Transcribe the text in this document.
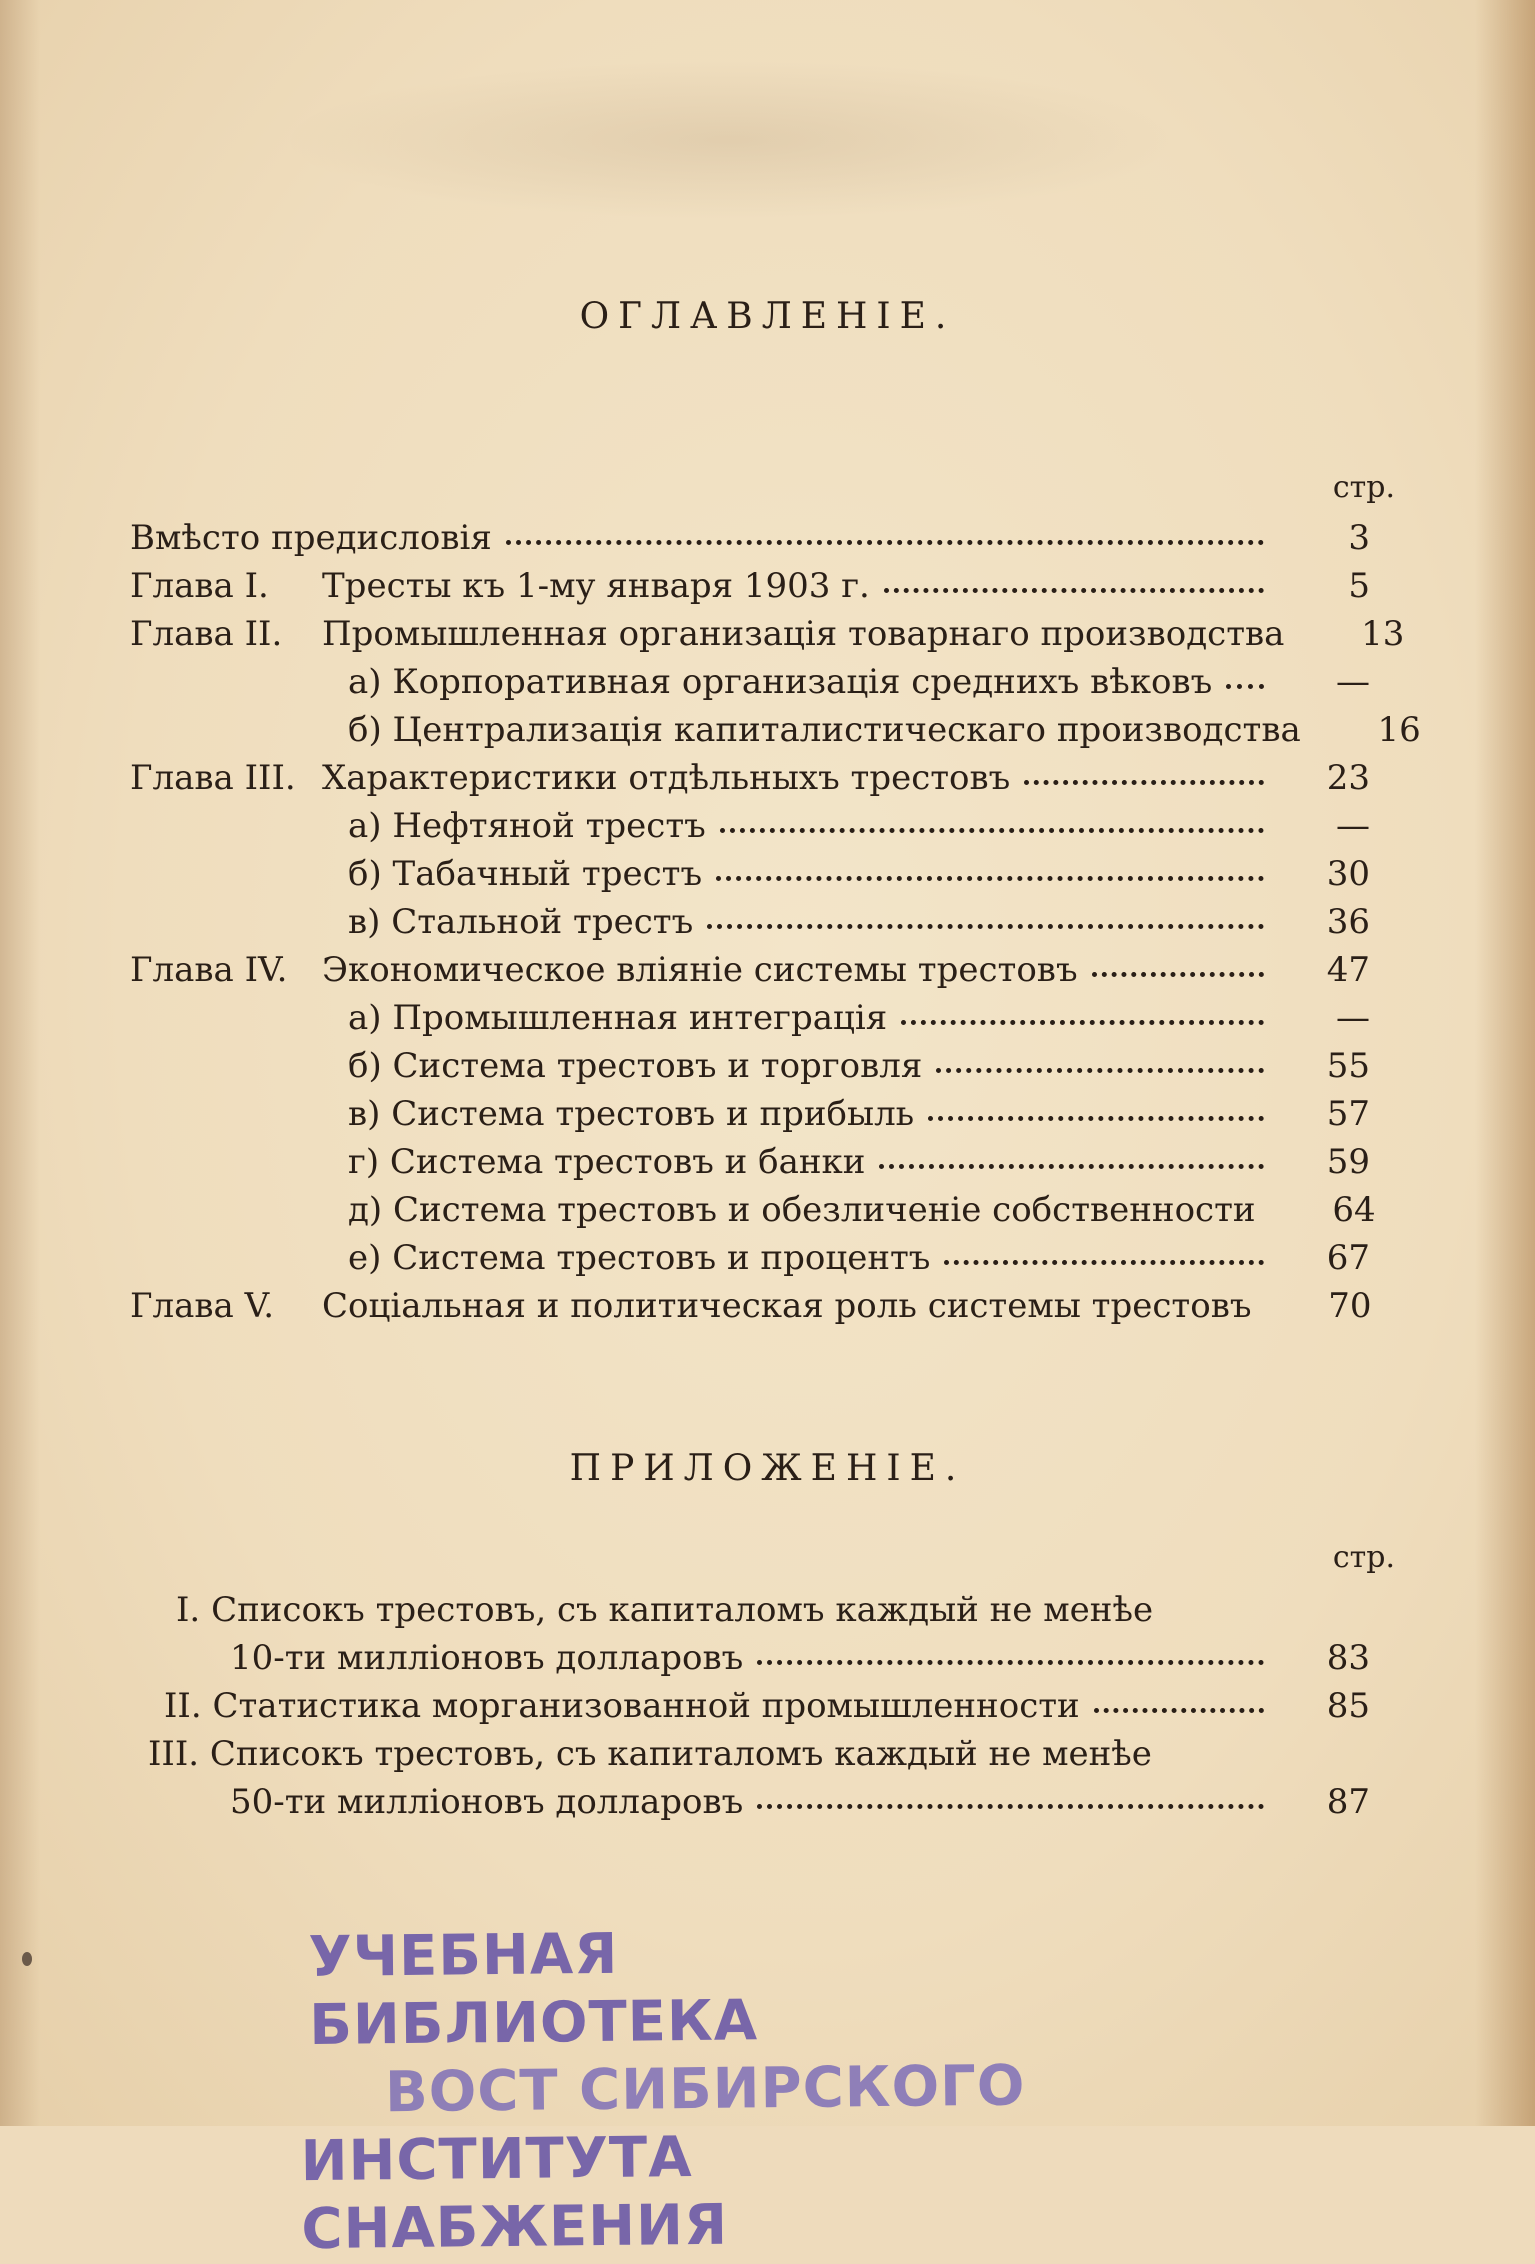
ОГЛАВЛЕНІЕ.
стр.
Вмѣсто предисловія	3
Глава I. Тресты къ 1-му января 1903 г.	5
Глава II. Промышленная организація товарнаго производства	13
а) Корпоративная организація среднихъ вѣковъ	—
б) Централизація капиталистическаго производства	16
Глава III. Характеристики отдѣльныхъ трестовъ	23
а) Нефтяной трестъ	—
б) Табачный трестъ	30
в) Стальной трестъ	36
Глава IV. Экономическое вліяніе системы трестовъ	47
а) Промышленная интеграція	—
б) Система трестовъ и торговля	55
в) Система трестовъ и прибыль	57
г) Система трестовъ и банки	59
д) Система трестовъ и обезличеніе собственности	64
е) Система трестовъ и процентъ	67
Глава V. Соціальная и политическая роль системы трестовъ	70
ПРИЛОЖЕНІЕ.
стр.
I. Списокъ трестовъ, съ капиталомъ каждый не менѣе
10-ти милліоновъ долларовъ	83
II. Статистика морганизованной промышленности	85
III. Списокъ трестовъ, съ капиталомъ каждый не менѣе
50-ти милліоновъ долларовъ	87
УЧЕБНАЯ БИБЛИОТЕКА
ВОСТ СИБИРСКОГО
ИНСТИТУТА СНАБЖЕНИЯ
